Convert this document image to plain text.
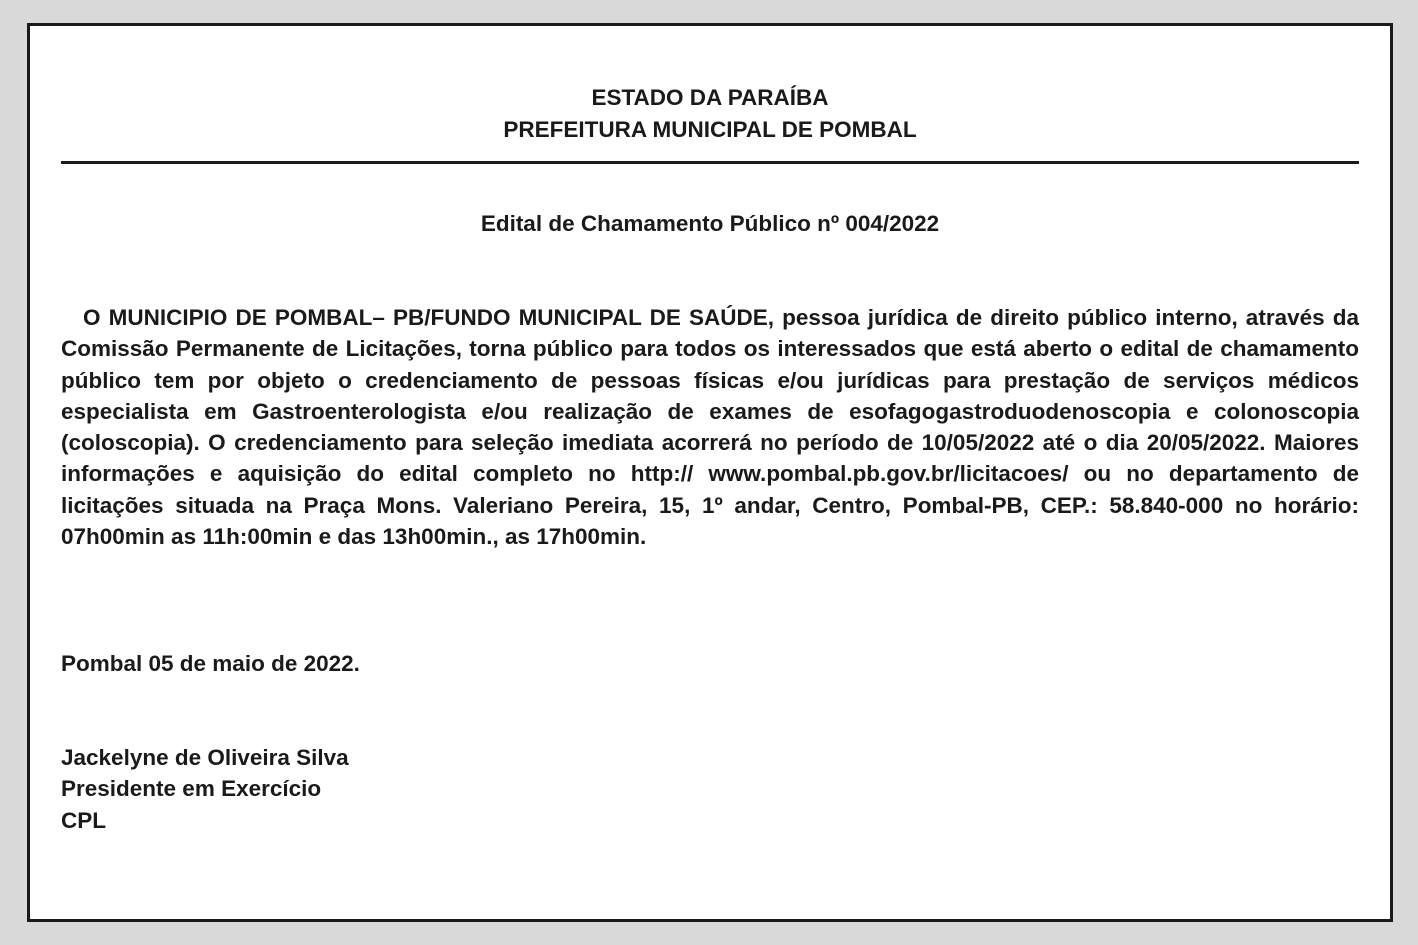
ESTADO DA PARAÍBA
PREFEITURA MUNICIPAL DE POMBAL
Edital de Chamamento Público nº 004/2022

O MUNICIPIO DE POMBAL– PB/FUNDO MUNICIPAL DE SAÚDE, pessoa jurídica de direito público interno, através da Comissão Permanente de Licitações, torna público para todos os interessados que está aberto o edital de chamamento público tem por objeto o credenciamento de pessoas físicas e/ou jurídicas para prestação de serviços médicos especialista em Gastroenterologista e/ou realização de exames de esofagogastroduodenoscopia e colonoscopia (coloscopia). O credenciamento para seleção imediata acorrerá no período de 10/05/2022 até o dia 20/05/2022. Maiores informações e aquisição do edital completo no http:// www.pombal.pb.gov.br/licitacoes/ ou no departamento de licitações situada na Praça Mons. Valeriano Pereira, 15, 1º andar, Centro, Pombal-PB, CEP.: 58.840-000 no horário: 07h00min as 11h:00min e das 13h00min., as 17h00min.

Pombal 05 de maio de 2022.
Jackelyne de Oliveira Silva
Presidente em Exercício
CPL
